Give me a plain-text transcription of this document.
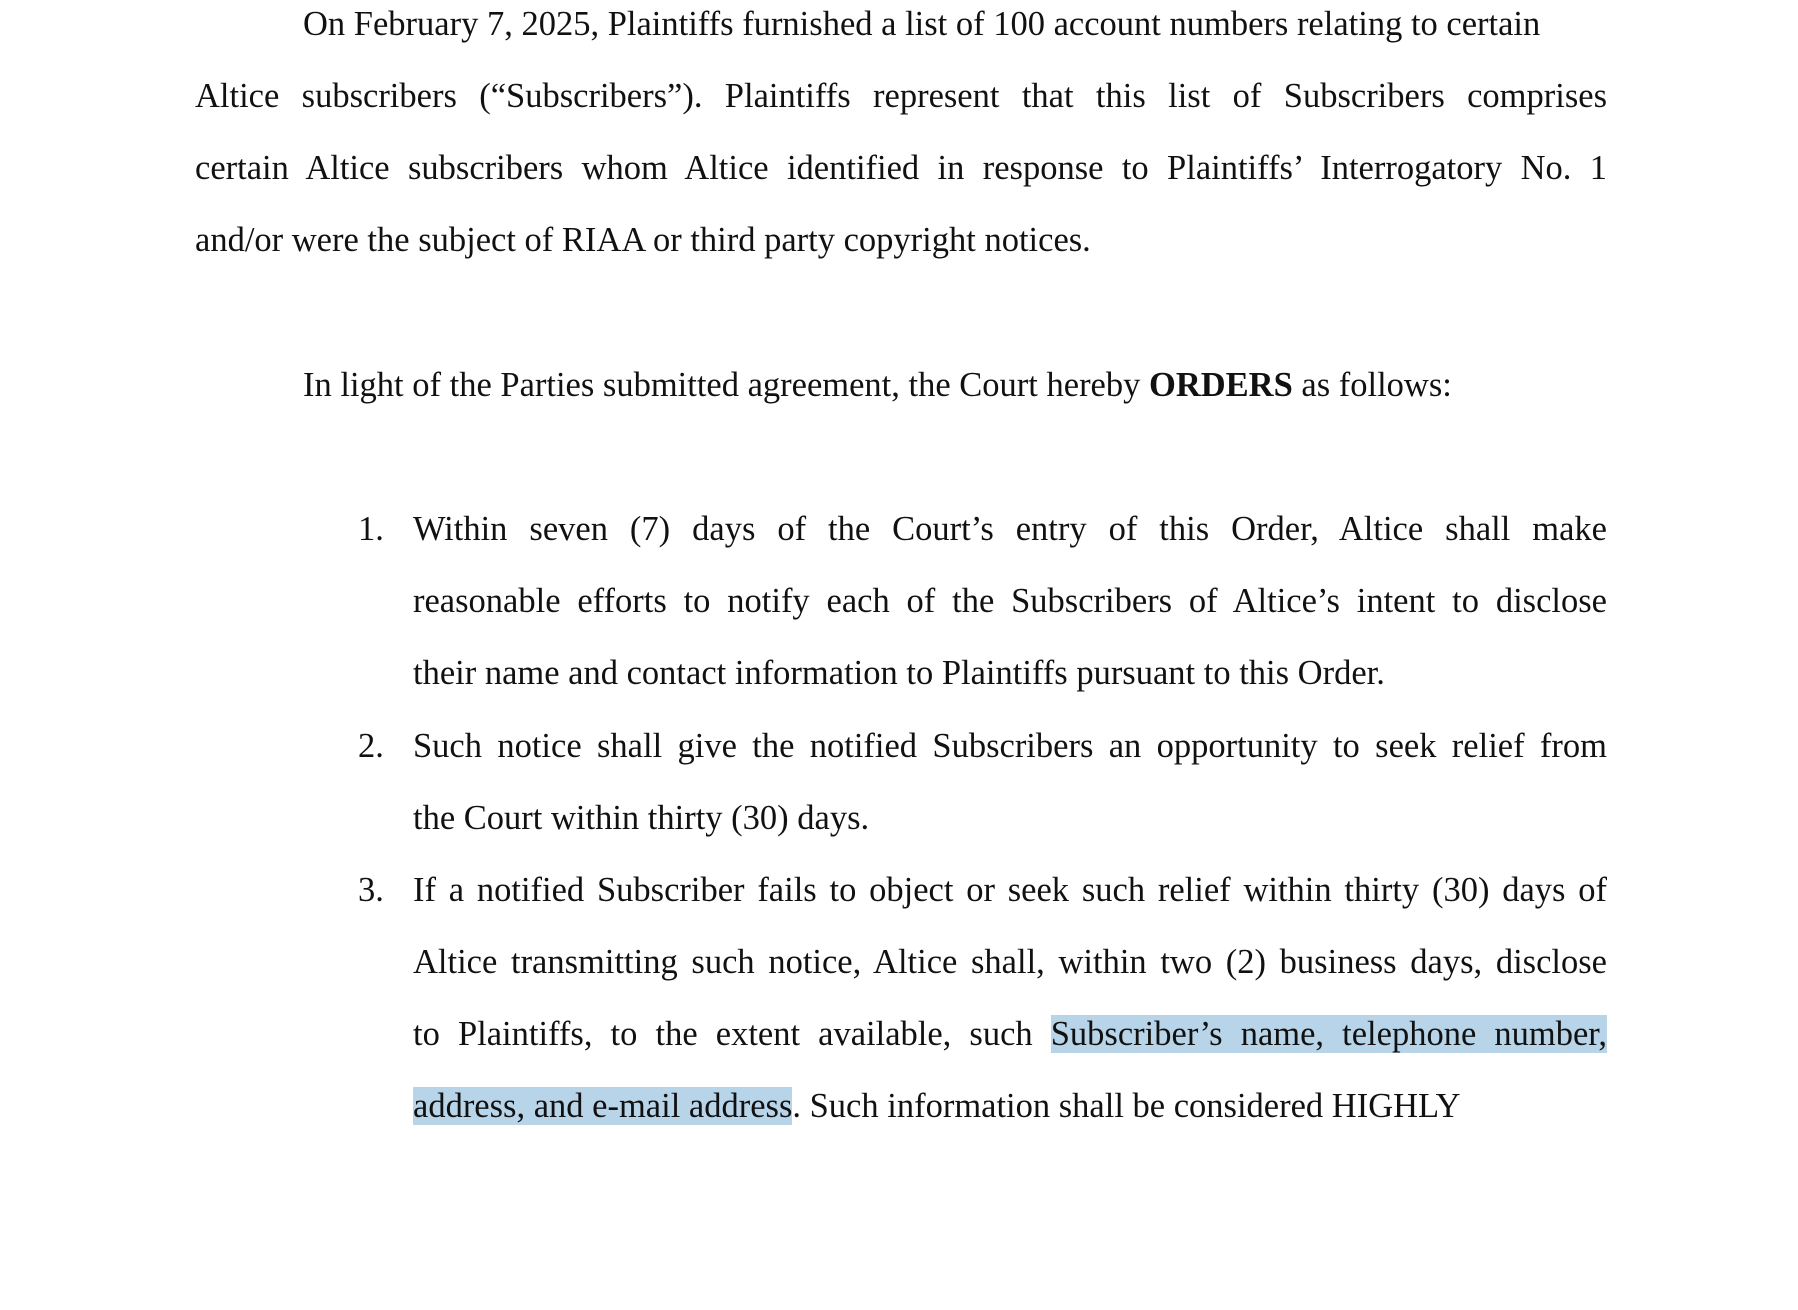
On February 7, 2025, Plaintiffs furnished a list of 100 account numbers relating to certain
Altice subscribers (“Subscribers”). Plaintiffs represent that this list of Subscribers comprises
certain Altice subscribers whom Altice identified in response to Plaintiffs’ Interrogatory No. 1
and/or were the subject of RIAA or third party copyright notices.
In light of the Parties submitted agreement, the Court hereby ORDERS as follows:
1. Within seven (7) days of the Court’s entry of this Order, Altice shall make
reasonable efforts to notify each of the Subscribers of Altice’s intent to disclose
their name and contact information to Plaintiffs pursuant to this Order.
2. Such notice shall give the notified Subscribers an opportunity to seek relief from
the Court within thirty (30) days.
3. If a notified Subscriber fails to object or seek such relief within thirty (30) days of
Altice transmitting such notice, Altice shall, within two (2) business days, disclose
to Plaintiffs, to the extent available, such Subscriber’s name, telephone number,
address, and e-mail address. Such information shall be considered HIGHLY
